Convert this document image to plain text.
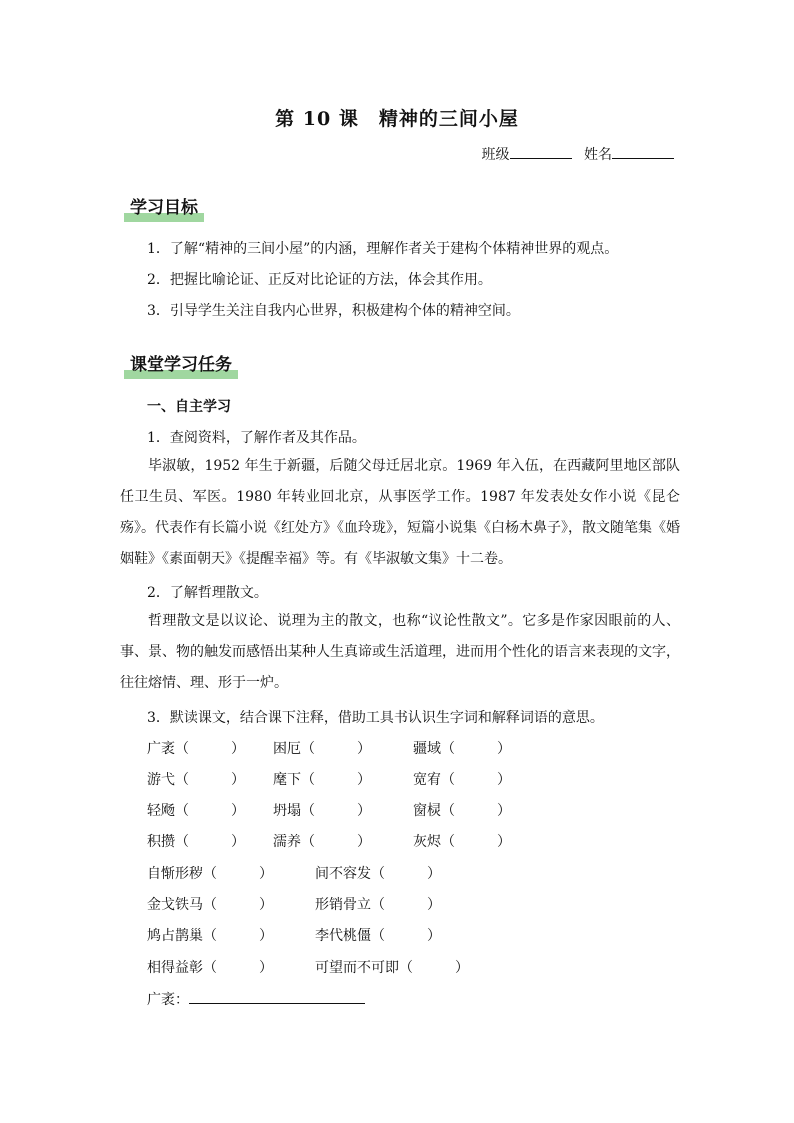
第 10 课　精神的三间小屋
班级	姓名
学习目标
1．了解“精神的三间小屋”的内涵，理解作者关于建构个体精神世界的观点。
2．把握比喻论证、正反对比论证的方法，体会其作用。
3．引导学生关注自我内心世界，积极建构个体的精神空间。
课堂学习任务
一、自主学习
1．查阅资料，了解作者及其作品。
毕淑敏，1952 年生于新疆，后随父母迁居北京。1969 年入伍，在西藏阿里地区部队任卫生员、军医。1980 年转业回北京，从事医学工作。1987 年发表处女作小说《昆仑殇》。代表作有长篇小说《红处方》《血玲珑》，短篇小说集《白杨木鼻子》，散文随笔集《婚姻鞋》《素面朝天》《提醒幸福》等。有《毕淑敏文集》十二卷。
2．了解哲理散文。
哲理散文是以议论、说理为主的散文，也称“议论性散文”。它多是作家因眼前的人、事、景、物的触发而感悟出某种人生真谛或生活道理，进而用个性化的语言来表现的文字，往往熔情、理、形于一炉。
3．默读课文，结合课下注释，借助工具书认识生字词和解释词语的意思。
广袤（　　　） 困厄（　　　）	疆域（　　　）
游弋（　　　） 麾下（　　　）	宽宥（　　　）
轻飏（　　　） 坍塌（　　　）	窗棂（　　　）
积攒（　　　） 濡养（　　　）	灰烬（　　　）
自惭形秽（　　　）	间不容发（　　　）
金戈铁马（　　　）	形销骨立（　　　）
鸠占鹊巢（　　　）	李代桃僵（　　　）
相得益彰（　　　）	可望而不可即（　　　）
广袤：
